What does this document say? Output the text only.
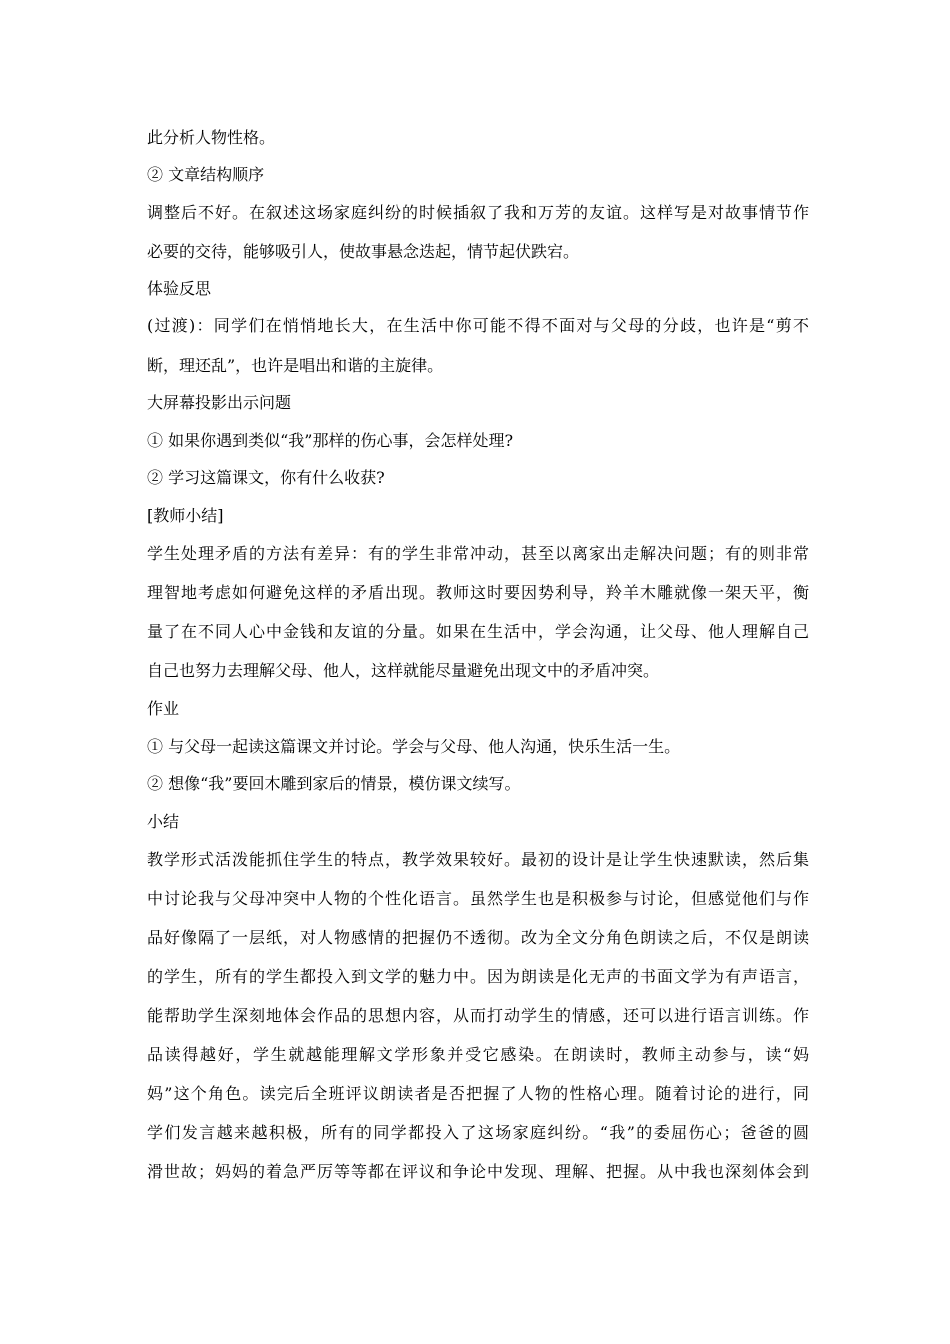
此分析人物性格。
② 文章结构顺序
调整后不好。在叙述这场家庭纠纷的时候插叙了我和万芳的友谊。这样写是对故事情节作
必要的交待，能够吸引人，使故事悬念迭起，情节起伏跌宕。
体验反思
(过渡)：同学们在悄悄地长大，在生活中你可能不得不面对与父母的分歧，也许是“剪不
断，理还乱”，也许是唱出和谐的主旋律。
大屏幕投影出示问题
① 如果你遇到类似“我”那样的伤心事，会怎样处理?
② 学习这篇课文，你有什么收获?
[教师小结]
学生处理矛盾的方法有差异：有的学生非常冲动，甚至以离家出走解决问题；有的则非常
理智地考虑如何避免这样的矛盾出现。教师这时要因势利导，羚羊木雕就像一架天平，衡
量了在不同人心中金钱和友谊的分量。如果在生活中，学会沟通，让父母、他人理解自己
自己也努力去理解父母、他人，这样就能尽量避免出现文中的矛盾冲突。
作业
① 与父母一起读这篇课文并讨论。学会与父母、他人沟通，快乐生活一生。
② 想像“我”要回木雕到家后的情景，模仿课文续写。
小结
教学形式活泼能抓住学生的特点，教学效果较好。最初的设计是让学生快速默读，然后集
中讨论我与父母冲突中人物的个性化语言。虽然学生也是积极参与讨论，但感觉他们与作
品好像隔了一层纸，对人物感情的把握仍不透彻。改为全文分角色朗读之后，不仅是朗读
的学生，所有的学生都投入到文学的魅力中。因为朗读是化无声的书面文学为有声语言，
能帮助学生深刻地体会作品的思想内容，从而打动学生的情感，还可以进行语言训练。作
品读得越好，学生就越能理解文学形象并受它感染。在朗读时，教师主动参与，读“妈
妈”这个角色。读完后全班评议朗读者是否把握了人物的性格心理。随着讨论的进行，同
学们发言越来越积极，所有的同学都投入了这场家庭纠纷。“我”的委屈伤心；爸爸的圆
滑世故；妈妈的着急严厉等等都在评议和争论中发现、理解、把握。从中我也深刻体会到
